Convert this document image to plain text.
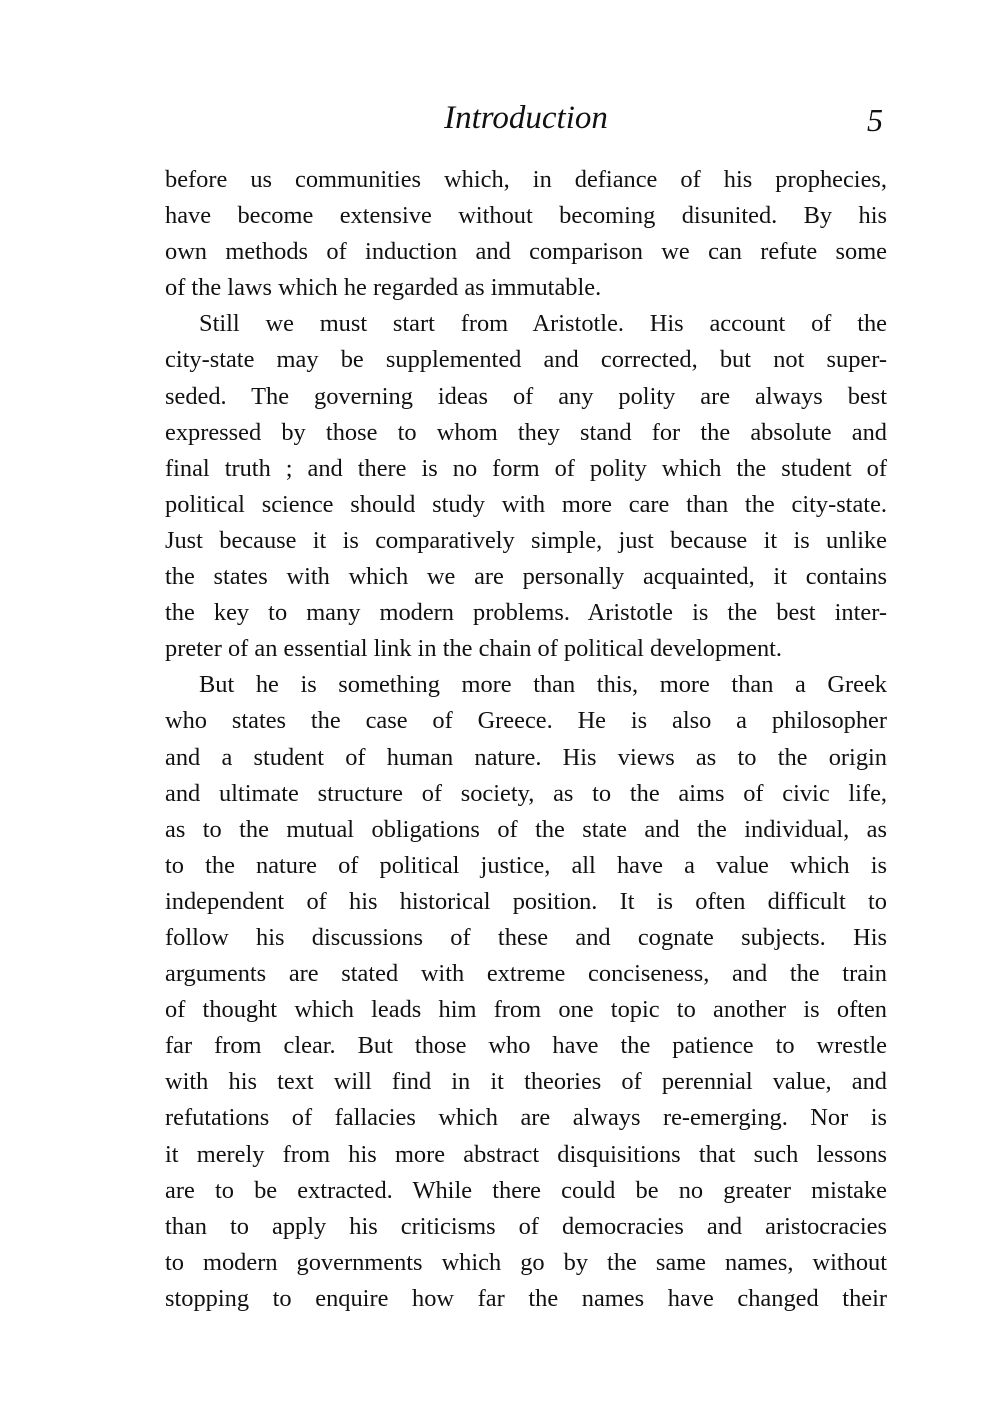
Introduction	5
before us communities which, in defiance of his prophecies,
have become extensive without becoming disunited. By his
own methods of induction and comparison we can refute some
of the laws which he regarded as immutable.
Still we must start from Aristotle. His account of the
city-state may be supplemented and corrected, but not super-
seded. The governing ideas of any polity are always best
expressed by those to whom they stand for the absolute and
final truth ; and there is no form of polity which the student of
political science should study with more care than the city-state.
Just because it is comparatively simple, just because it is unlike
the states with which we are personally acquainted, it contains
the key to many modern problems. Aristotle is the best inter-
preter of an essential link in the chain of political development.
But he is something more than this, more than a Greek
who states the case of Greece. He is also a philosopher
and a student of human nature. His views as to the origin
and ultimate structure of society, as to the aims of civic life,
as to the mutual obligations of the state and the individual, as
to the nature of political justice, all have a value which is
independent of his historical position. It is often difficult to
follow his discussions of these and cognate subjects. His
arguments are stated with extreme conciseness, and the train
of thought which leads him from one topic to another is often
far from clear. But those who have the patience to wrestle
with his text will find in it theories of perennial value, and
refutations of fallacies which are always re-emerging. Nor is
it merely from his more abstract disquisitions that such lessons
are to be extracted. While there could be no greater mistake
than to apply his criticisms of democracies and aristocracies
to modern governments which go by the same names, without
stopping to enquire how far the names have changed their
